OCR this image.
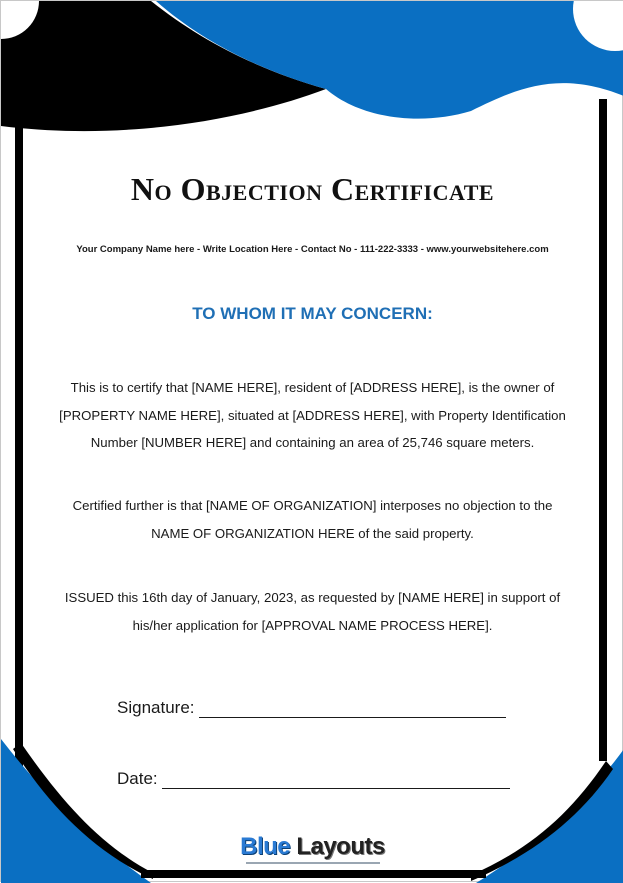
No Objection Certificate
Your Company Name here - Write Location Here - Contact No - 111-222-3333 - www.yourwebsitehere.com
TO WHOM IT MAY CONCERN:

This is to certify that [NAME HERE], resident of [ADDRESS HERE], is the owner of [PROPERTY NAME HERE], situated at [ADDRESS HERE], with Property Identification Number [NUMBER HERE] and containing an area of 25,746 square meters.

Certified further is that [NAME OF ORGANIZATION] interposes no objection to the NAME OF ORGANIZATION HERE of the said property.

ISSUED this 16th day of January, 2023, as requested by [NAME HERE] in support of his/her application for [APPROVAL NAME PROCESS HERE].

Signature:
Date:
Blue Layouts
